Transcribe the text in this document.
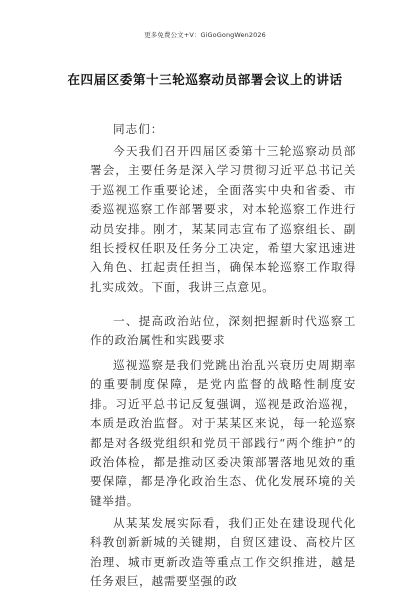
更多免费公文+V：GiGoGongWen2026
在四届区委第十三轮巡察动员部署会议上的讲话
同志们：
今天我们召开四届区委第十三轮巡察动员部署会，主要任务是深入学习贯彻习近平总书记关于巡视工作重要论述，全面落实中央和省委、市委巡视巡察工作部署要求，对本轮巡察工作进行动员安排。刚才，某某同志宣布了巡察组长、副组长授权任职及任务分工决定，希望大家迅速进入角色、扛起责任担当，确保本轮巡察工作取得扎实成效。下面，我讲三点意见。
一、提高政治站位，深刻把握新时代巡察工作的政治属性和实践要求
巡视巡察是我们党跳出治乱兴衰历史周期率的重要制度保障，是党内监督的战略性制度安排。习近平总书记反复强调，巡视是政治巡视，本质是政治监督。对于某某区来说，每一轮巡察都是对各级党组织和党员干部践行“两个维护”的政治体检，都是推动区委决策部署落地见效的重要保障，都是净化政治生态、优化发展环境的关键举措。
从某某发展实际看，我们正处在建设现代化科教创新新城的关键期，自贸区建设、高校片区治理、城市更新改造等重点工作交织推进，越是任务艰巨，越需要坚强的政
